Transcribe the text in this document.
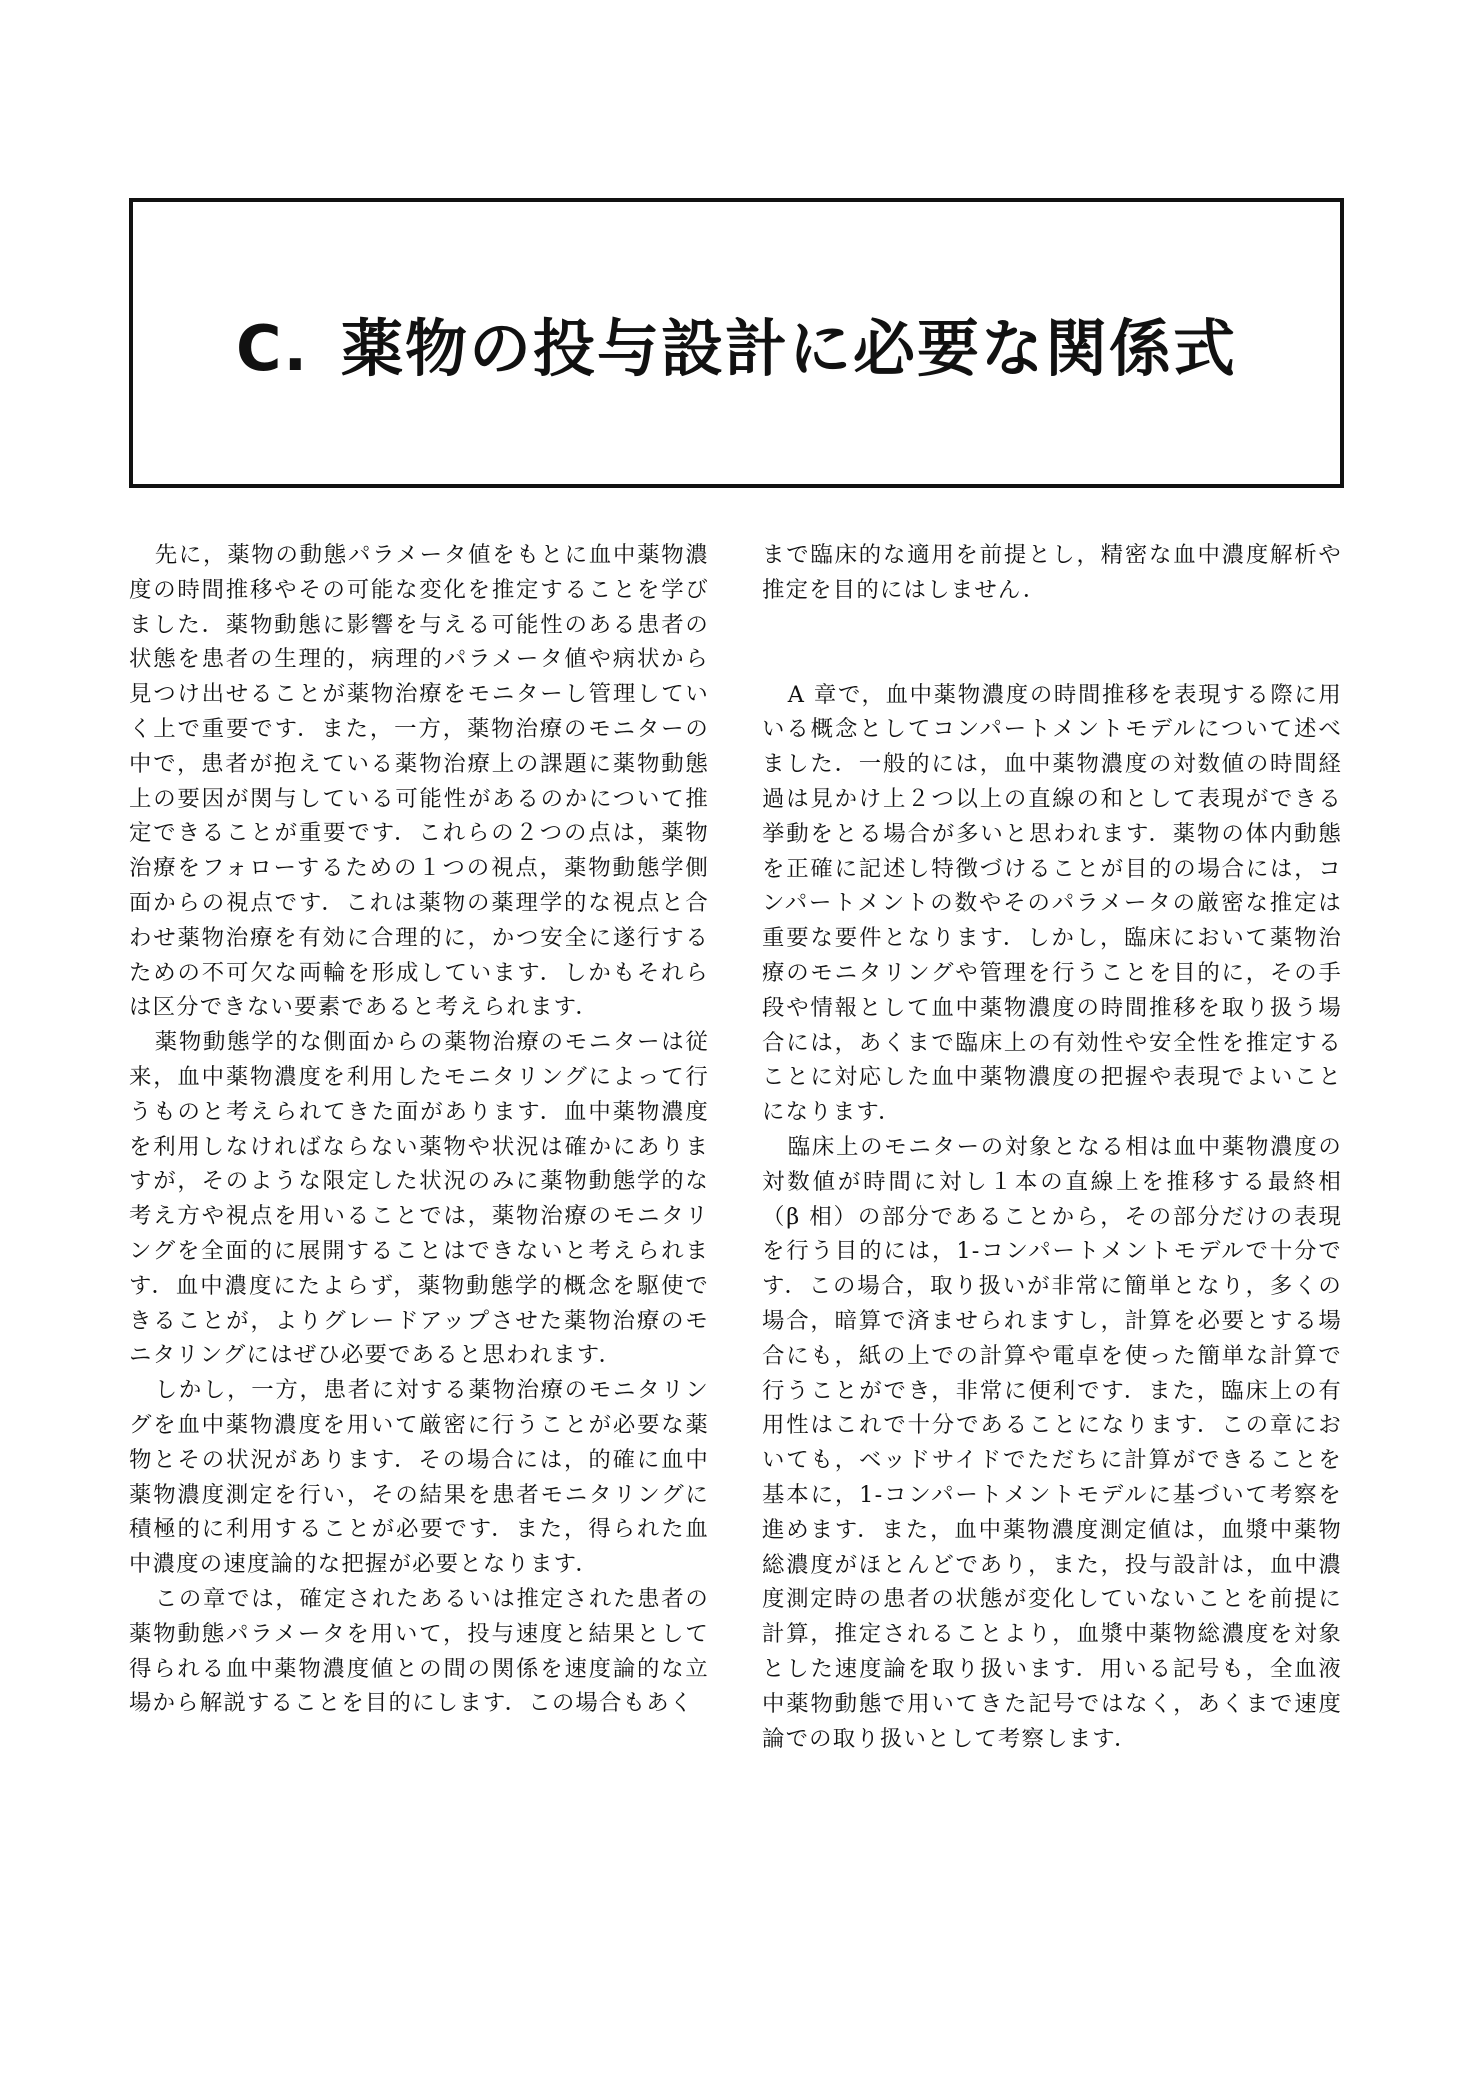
C. 薬物の投与設計に必要な関係式

先に，薬物の動態パラメータ値をもとに血中薬物濃度の時間推移やその可能な変化を推定することを学びました．薬物動態に影響を与える可能性のある患者の状態を患者の生理的，病理的パラメータ値や病状から見つけ出せることが薬物治療をモニターし管理していく上で重要です．また，一方，薬物治療のモニターの中で，患者が抱えている薬物治療上の課題に薬物動態上の要因が関与している可能性があるのかについて推定できることが重要です．これらの２つの点は，薬物治療をフォローするための１つの視点，薬物動態学側面からの視点です．これは薬物の薬理学的な視点と合わせ薬物治療を有効に合理的に，かつ安全に遂行するための不可欠な両輪を形成しています．しかもそれらは区分できない要素であると考えられます．

薬物動態学的な側面からの薬物治療のモニターは従来，血中薬物濃度を利用したモニタリングによって行うものと考えられてきた面があります．血中薬物濃度を利用しなければならない薬物や状況は確かにありますが，そのような限定した状況のみに薬物動態学的な考え方や視点を用いることでは，薬物治療のモニタリングを全面的に展開することはできないと考えられます．血中濃度にたよらず，薬物動態学的概念を駆使できることが，よりグレードアップさせた薬物治療のモニタリングにはぜひ必要であると思われます．

しかし，一方，患者に対する薬物治療のモニタリングを血中薬物濃度を用いて厳密に行うことが必要な薬物とその状況があります．その場合には，的確に血中薬物濃度測定を行い，その結果を患者モニタリングに積極的に利用することが必要です．また，得られた血中濃度の速度論的な把握が必要となります．

この章では，確定されたあるいは推定された患者の薬物動態パラメータを用いて，投与速度と結果として得られる血中薬物濃度値との間の関係を速度論的な立場から解説することを目的にします．この場合もあく

まで臨床的な適用を前提とし，精密な血中濃度解析や推定を目的にはしません．

A 章で，血中薬物濃度の時間推移を表現する際に用いる概念としてコンパートメントモデルについて述べました．一般的には，血中薬物濃度の対数値の時間経過は見かけ上２つ以上の直線の和として表現ができる挙動をとる場合が多いと思われます．薬物の体内動態を正確に記述し特徴づけることが目的の場合には，コンパートメントの数やそのパラメータの厳密な推定は重要な要件となります．しかし，臨床において薬物治療のモニタリングや管理を行うことを目的に，その手段や情報として血中薬物濃度の時間推移を取り扱う場合には，あくまで臨床上の有効性や安全性を推定することに対応した血中薬物濃度の把握や表現でよいことになります．

臨床上のモニターの対象となる相は血中薬物濃度の対数値が時間に対し１本の直線上を推移する最終相（β 相）の部分であることから，その部分だけの表現を行う目的には，1-コンパートメントモデルで十分です．この場合，取り扱いが非常に簡単となり，多くの場合，暗算で済ませられますし，計算を必要とする場合にも，紙の上での計算や電卓を使った簡単な計算で行うことができ，非常に便利です．また，臨床上の有用性はこれで十分であることになります．この章においても，ベッドサイドでただちに計算ができることを基本に，1-コンパートメントモデルに基づいて考察を進めます．また，血中薬物濃度測定値は，血漿中薬物総濃度がほとんどであり，また，投与設計は，血中濃度測定時の患者の状態が変化していないことを前提に計算，推定されることより，血漿中薬物総濃度を対象とした速度論を取り扱います．用いる記号も，全血液中薬物動態で用いてきた記号ではなく，あくまで速度論での取り扱いとして考察します．
